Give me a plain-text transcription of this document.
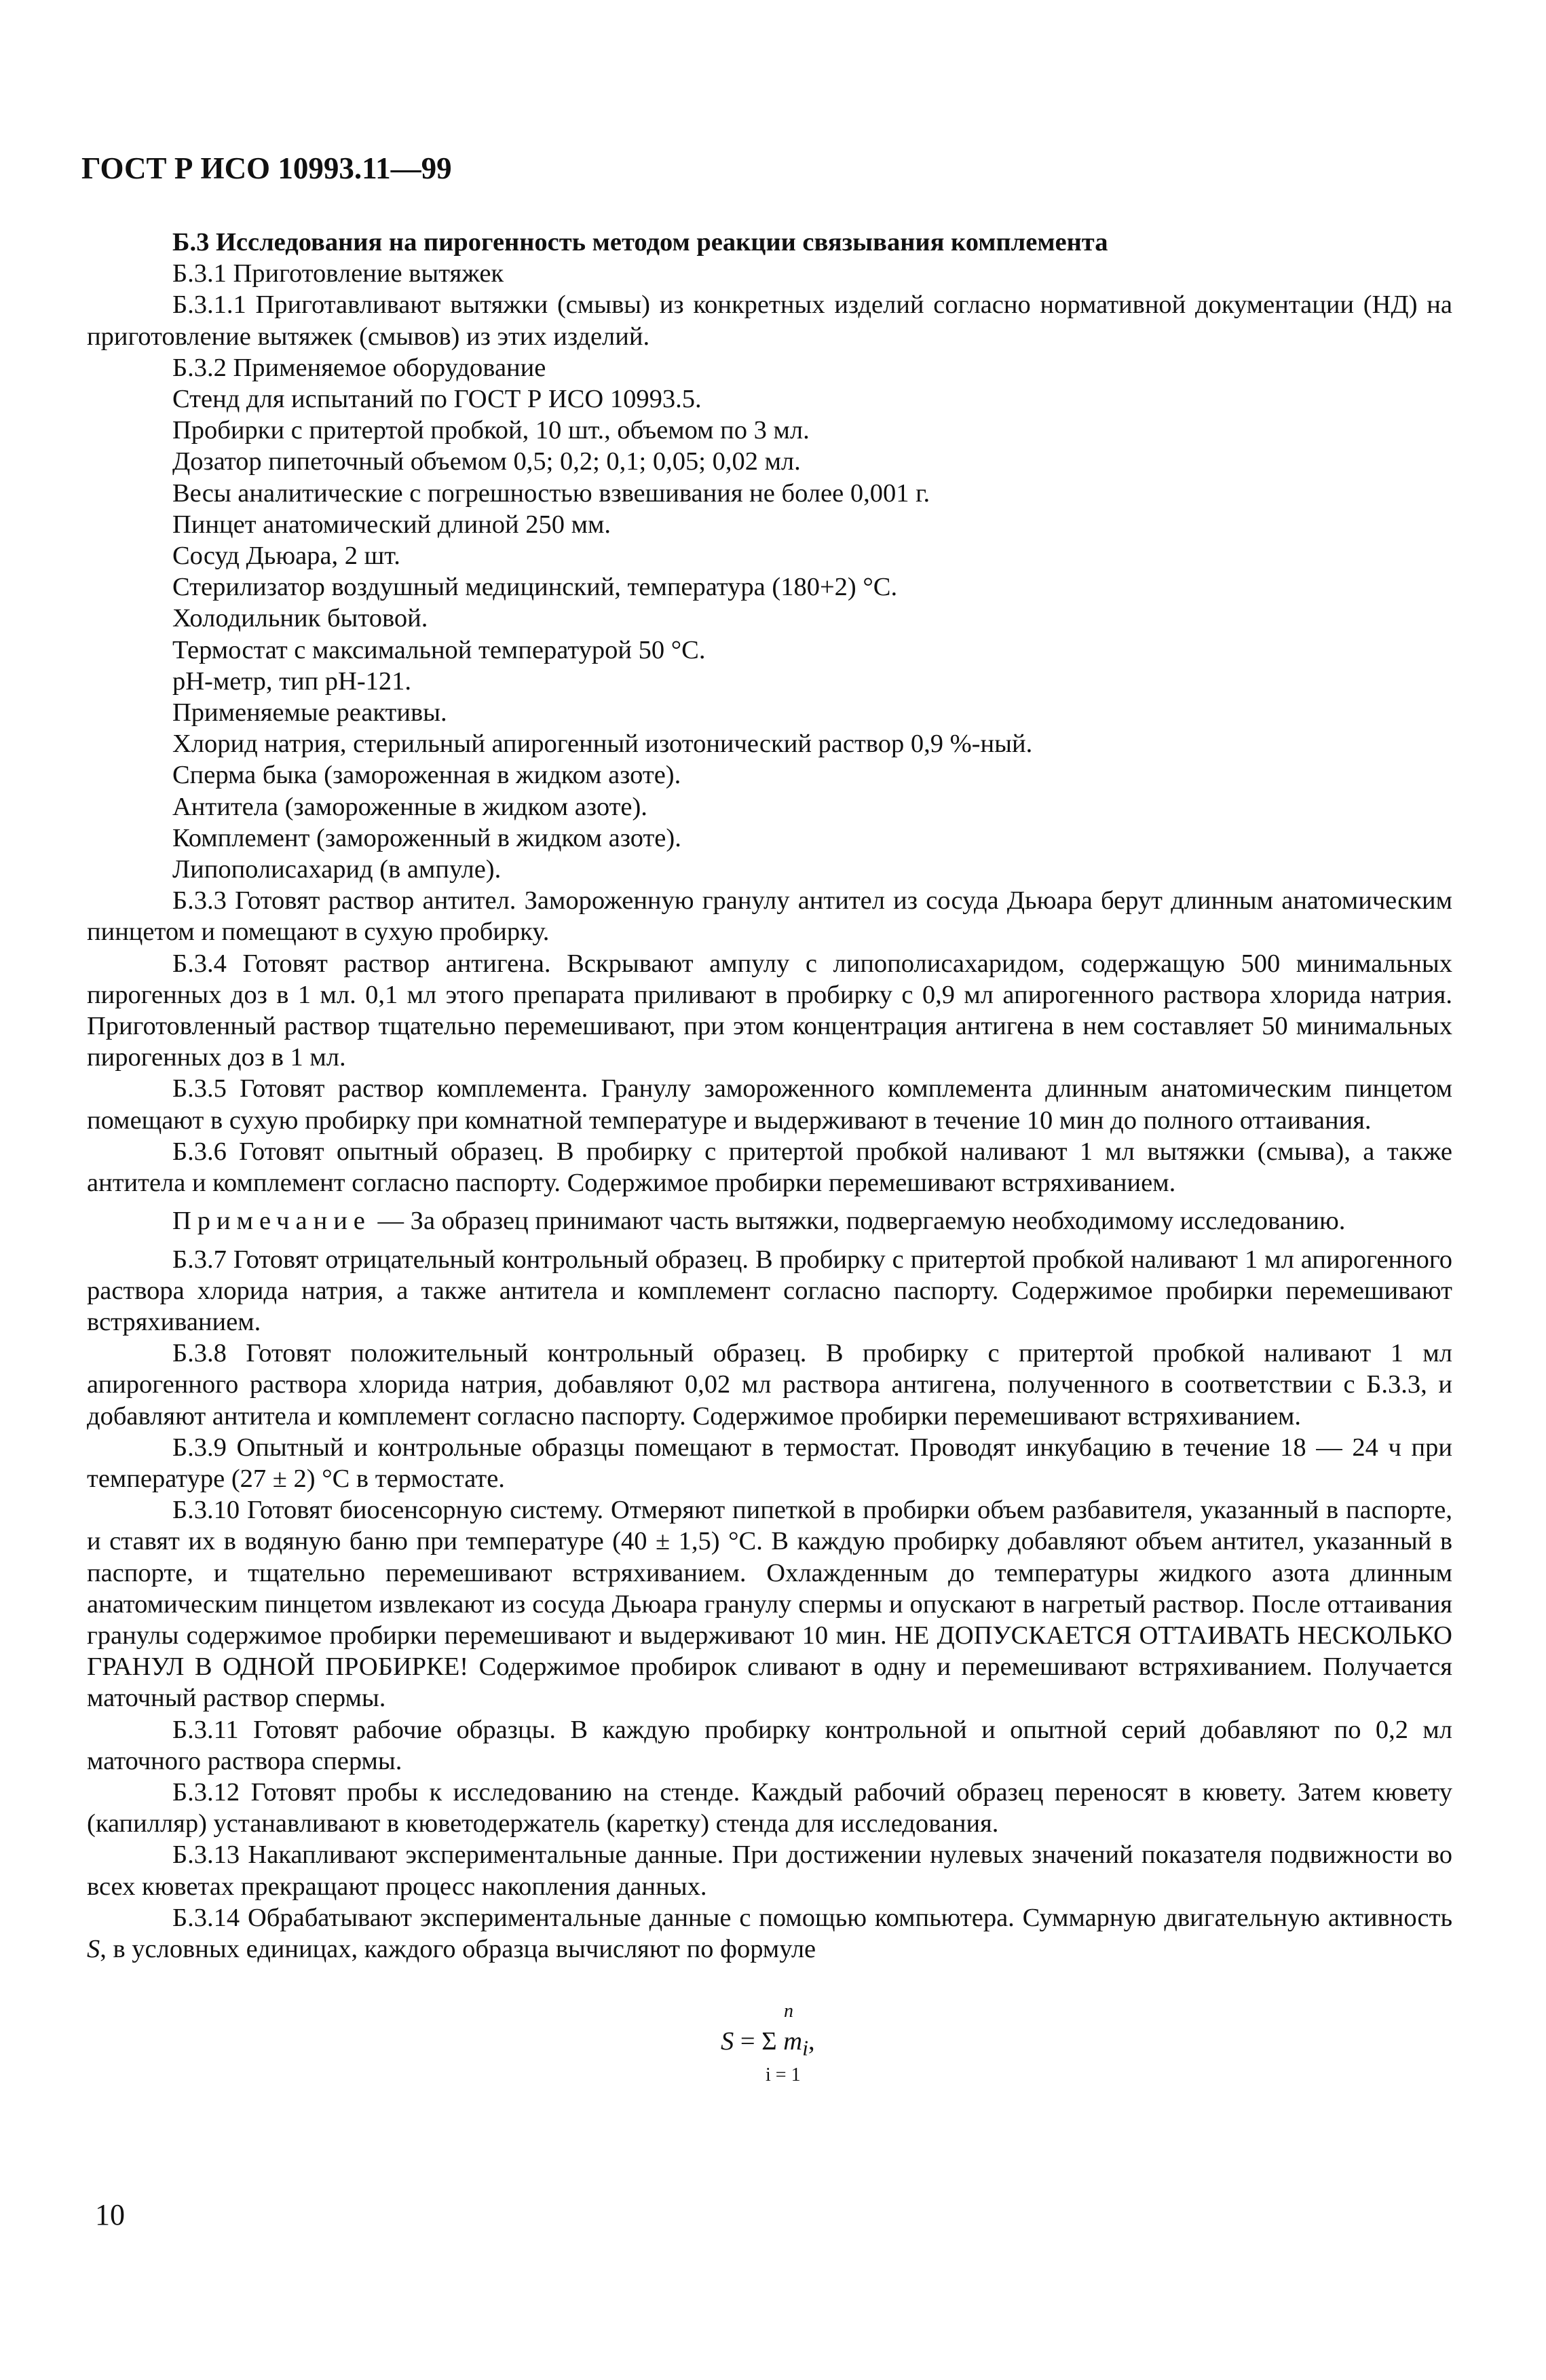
ГОСТ Р ИСО 10993.11—99

Б.3 Исследования на пирогенность методом реакции связывания комплемента

Б.3.1 Приготовление вытяжек

Б.3.1.1 Приготавливают вытяжки (смывы) из конкретных изделий согласно нормативной документации (НД) на приготовление вытяжек (смывов) из этих изделий.

Б.3.2 Применяемое оборудование

Стенд для испытаний по ГОСТ Р ИСО 10993.5.

Пробирки с притертой пробкой, 10 шт., объемом по 3 мл.

Дозатор пипеточный объемом 0,5; 0,2; 0,1; 0,05; 0,02 мл.

Весы аналитические с погрешностью взвешивания не более 0,001 г.

Пинцет анатомический длиной 250 мм.

Сосуд Дьюара, 2 шт.

Стерилизатор воздушный медицинский, температура (180+2) °С.

Холодильник бытовой.

Термостат с максимальной температурой 50 °С.

pH-метр, тип pH-121.

Применяемые реактивы.

Хлорид натрия, стерильный апирогенный изотонический раствор 0,9 %-ный.

Сперма быка (замороженная в жидком азоте).

Антитела (замороженные в жидком азоте).

Комплемент (замороженный в жидком азоте).

Липополисахарид (в ампуле).

Б.3.3 Готовят раствор антител. Замороженную гранулу антител из сосуда Дьюара берут длинным анатомическим пинцетом и помещают в сухую пробирку.

Б.3.4 Готовят раствор антигена. Вскрывают ампулу с липополисахаридом, содержащую 500 минимальных пирогенных доз в 1 мл. 0,1 мл этого препарата приливают в пробирку с 0,9 мл апирогенного раствора хлорида натрия. Приготовленный раствор тщательно перемешивают, при этом концентрация антигена в нем составляет 50 минимальных пирогенных доз в 1 мл.

Б.3.5 Готовят раствор комплемента. Гранулу замороженного комплемента длинным анатомическим пинцетом помещают в сухую пробирку при комнатной температуре и выдерживают в течение 10 мин до полного оттаивания.

Б.3.6 Готовят опытный образец. В пробирку с притертой пробкой наливают 1 мл вытяжки (смыва), а также антитела и комплемент согласно паспорту. Содержимое пробирки перемешивают встряхиванием.

Примечание — За образец принимают часть вытяжки, подвергаемую необходимому исследованию.

Б.3.7 Готовят отрицательный контрольный образец. В пробирку с притертой пробкой наливают 1 мл апирогенного раствора хлорида натрия, а также антитела и комплемент согласно паспорту. Содержимое пробирки перемешивают встряхиванием.

Б.3.8 Готовят положительный контрольный образец. В пробирку с притертой пробкой наливают 1 мл апирогенного раствора хлорида натрия, добавляют 0,02 мл раствора антигена, полученного в соответствии с Б.3.3, и добавляют антитела и комплемент согласно паспорту. Содержимое пробирки перемешивают встряхиванием.

Б.3.9 Опытный и контрольные образцы помещают в термостат. Проводят инкубацию в течение 18 — 24 ч при температуре (27 ± 2) °С в термостате.

Б.3.10 Готовят биосенсорную систему. Отмеряют пипеткой в пробирки объем разбавителя, указанный в паспорте, и ставят их в водяную баню при температуре (40 ± 1,5) °С. В каждую пробирку добавляют объем антител, указанный в паспорте, и тщательно перемешивают встряхиванием. Охлажденным до температуры жидкого азота длинным анатомическим пинцетом извлекают из сосуда Дьюара гранулу спермы и опускают в нагретый раствор. После оттаивания гранулы содержимое пробирки перемешивают и выдерживают 10 мин. НЕ ДОПУСКАЕТСЯ ОТТАИВАТЬ НЕСКОЛЬКО ГРАНУЛ В ОДНОЙ ПРОБИРКЕ! Содержимое пробирок сливают в одну и перемешивают встряхиванием. Получается маточный раствор спермы.

Б.3.11 Готовят рабочие образцы. В каждую пробирку контрольной и опытной серий добавляют по 0,2 мл маточного раствора спермы.

Б.3.12 Готовят пробы к исследованию на стенде. Каждый рабочий образец переносят в кювету. Затем кювету (капилляр) устанавливают в кюветодержатель (каретку) стенда для исследования.

Б.3.13 Накапливают экспериментальные данные. При достижении нулевых значений показателя подвижности во всех кюветах прекращают процесс накопления данных.

Б.3.14 Обрабатывают экспериментальные данные с помощью компьютера. Суммарную двигательную активность S, в условных единицах, каждого образца вычисляют по формуле

n
S = Σ $m_i$,
i = 1
10
